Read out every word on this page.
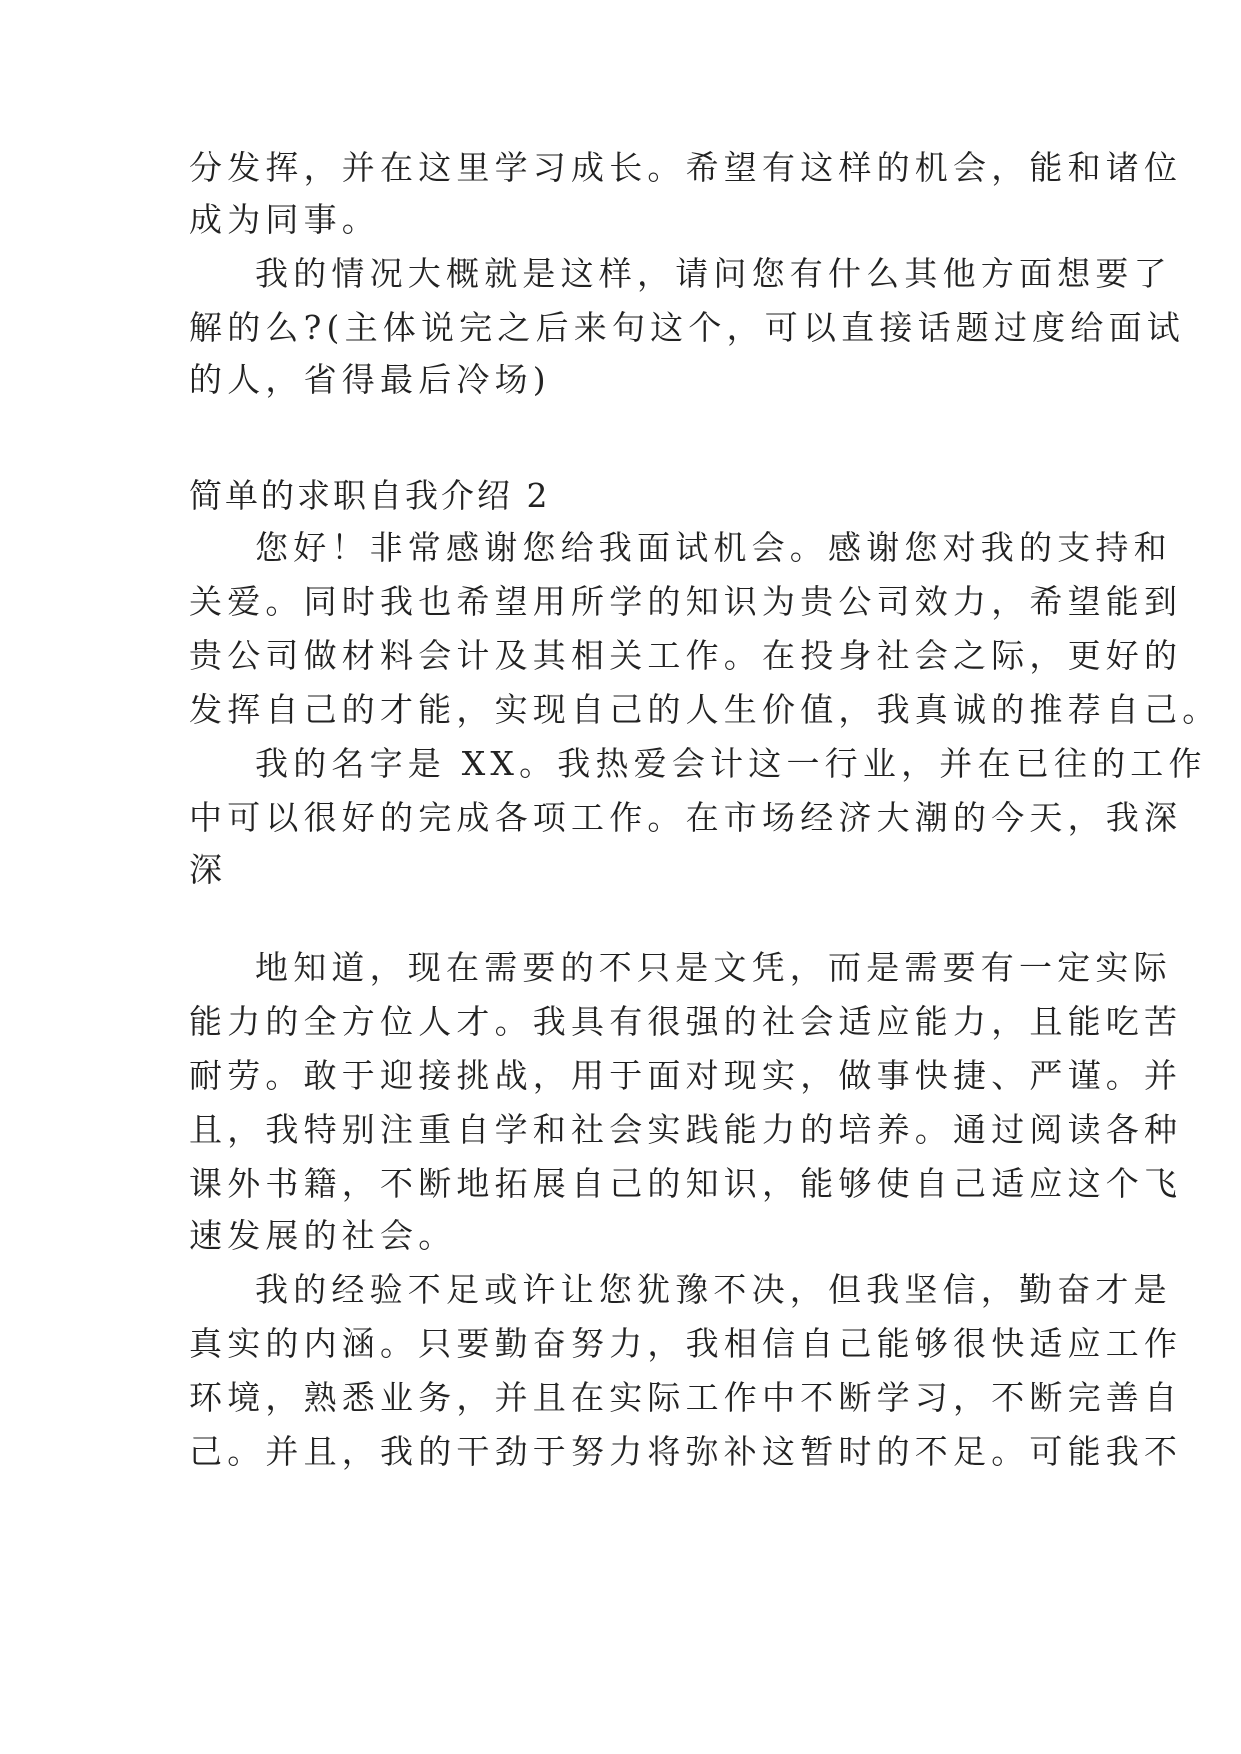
分发挥，并在这里学习成长。希望有这样的机会，能和诸位
成为同事。
我的情况大概就是这样，请问您有什么其他方面想要了
解的么?(主体说完之后来句这个，可以直接话题过度给面试
的人，省得最后冷场)
简单的求职自我介绍 2
您好！非常感谢您给我面试机会。感谢您对我的支持和
关爱。同时我也希望用所学的知识为贵公司效力，希望能到
贵公司做材料会计及其相关工作。在投身社会之际，更好的
发挥自己的才能，实现自己的人生价值，我真诚的推荐自己。
我的名字是 XX。我热爱会计这一行业，并在已往的工作
中可以很好的完成各项工作。在市场经济大潮的今天，我深
深
地知道，现在需要的不只是文凭，而是需要有一定实际
能力的全方位人才。我具有很强的社会适应能力，且能吃苦
耐劳。敢于迎接挑战，用于面对现实，做事快捷、严谨。并
且，我特别注重自学和社会实践能力的培养。通过阅读各种
课外书籍，不断地拓展自己的知识，能够使自己适应这个飞
速发展的社会。
我的经验不足或许让您犹豫不决，但我坚信，勤奋才是
真实的内涵。只要勤奋努力，我相信自己能够很快适应工作
环境，熟悉业务，并且在实际工作中不断学习，不断完善自
己。并且，我的干劲于努力将弥补这暂时的不足。可能我不
